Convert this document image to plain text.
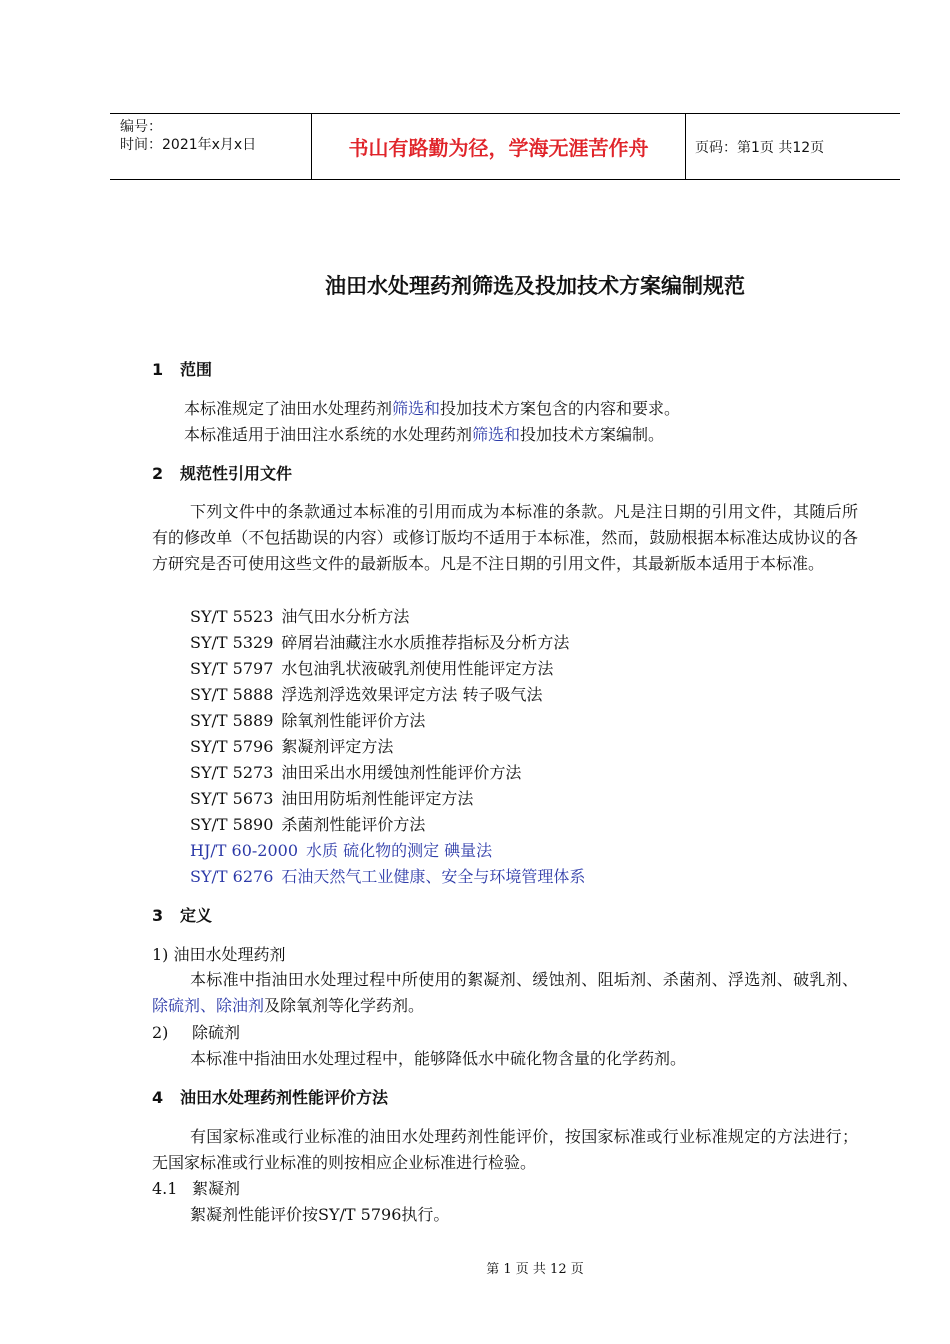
编号：
时间：2021年x月x日	书山有路勤为径，学海无涯苦作舟	页码：第1页 共12页
油田水处理药剂筛选及投加技术方案编制规范
1 范围
本标准规定了油田水处理药剂筛选和投加技术方案包含的内容和要求。
本标准适用于油田注水系统的水处理药剂筛选和投加技术方案编制。
2 规范性引用文件
下列文件中的条款通过本标准的引用而成为本标准的条款。凡是注日期的引用文件，其随后所有的修改单（不包括勘误的内容）或修订版均不适用于本标准，然而，鼓励根据本标准达成协议的各方研究是否可使用这些文件的最新版本。凡是不注日期的引用文件，其最新版本适用于本标准。
SY/T 5523 油气田水分析方法
SY/T 5329 碎屑岩油藏注水水质推荐指标及分析方法
SY/T 5797 水包油乳状液破乳剂使用性能评定方法
SY/T 5888 浮选剂浮选效果评定方法 转子吸气法
SY/T 5889 除氧剂性能评价方法
SY/T 5796 絮凝剂评定方法
SY/T 5273 油田采出水用缓蚀剂性能评价方法
SY/T 5673 油田用防垢剂性能评定方法
SY/T 5890 杀菌剂性能评价方法
HJ/T 60-2000 水质 硫化物的测定 碘量法
SY/T 6276 石油天然气工业健康、安全与环境管理体系
3 定义
1) 油田水处理药剂
本标准中指油田水处理过程中所使用的絮凝剂、缓蚀剂、阻垢剂、杀菌剂、浮选剂、破乳剂、除硫剂、除油剂及除氧剂等化学药剂。
2) 除硫剂
本标准中指油田水处理过程中，能够降低水中硫化物含量的化学药剂。
4 油田水处理药剂性能评价方法
有国家标准或行业标准的油田水处理药剂性能评价，按国家标准或行业标准规定的方法进行；无国家标准或行业标准的则按相应企业标准进行检验。
4.1 絮凝剂
絮凝剂性能评价按SY/T 5796执行。
第 1 页 共 12 页
